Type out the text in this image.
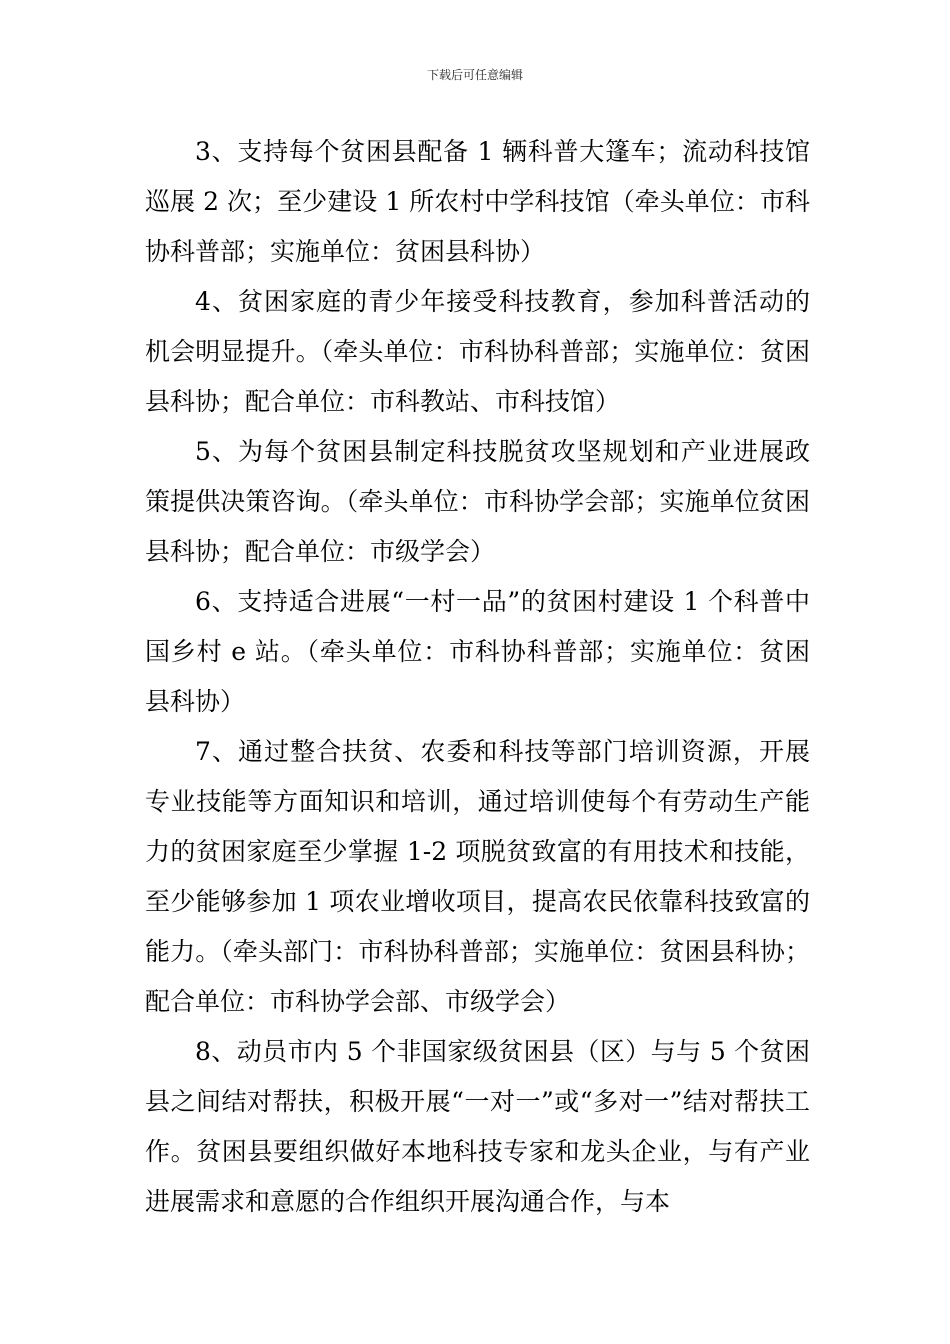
下载后可任意编辑

3、支持每个贫困县配备 1 辆科普大篷车；流动科技馆巡展 2 次；至少建设 1 所农村中学科技馆（牵头单位：市科协科普部；实施单位：贫困县科协）

4、贫困家庭的青少年接受科技教育，参加科普活动的机会明显提升。（牵头单位：市科协科普部；实施单位：贫困县科协；配合单位：市科教站、市科技馆）

5、为每个贫困县制定科技脱贫攻坚规划和产业进展政策提供决策咨询。（牵头单位：市科协学会部；实施单位贫困县科协；配合单位：市级学会）

6、支持适合进展“一村一品”的贫困村建设 1 个科普中国乡村 e 站。（牵头单位：市科协科普部；实施单位：贫困县科协）

7、通过整合扶贫、农委和科技等部门培训资源，开展专业技能等方面知识和培训，通过培训使每个有劳动生产能力的贫困家庭至少掌握 1-2 项脱贫致富的有用技术和技能，至少能够参加 1 项农业增收项目，提高农民依靠科技致富的能力。（牵头部门：市科协科普部；实施单位：贫困县科协；配合单位：市科协学会部、市级学会）

8、动员市内 5 个非国家级贫困县（区）与与 5 个贫困县之间结对帮扶，积极开展“一对一”或“多对一”结对帮扶工作。贫困县要组织做好本地科技专家和龙头企业，与有产业进展需求和意愿的合作组织开展沟通合作，与本
